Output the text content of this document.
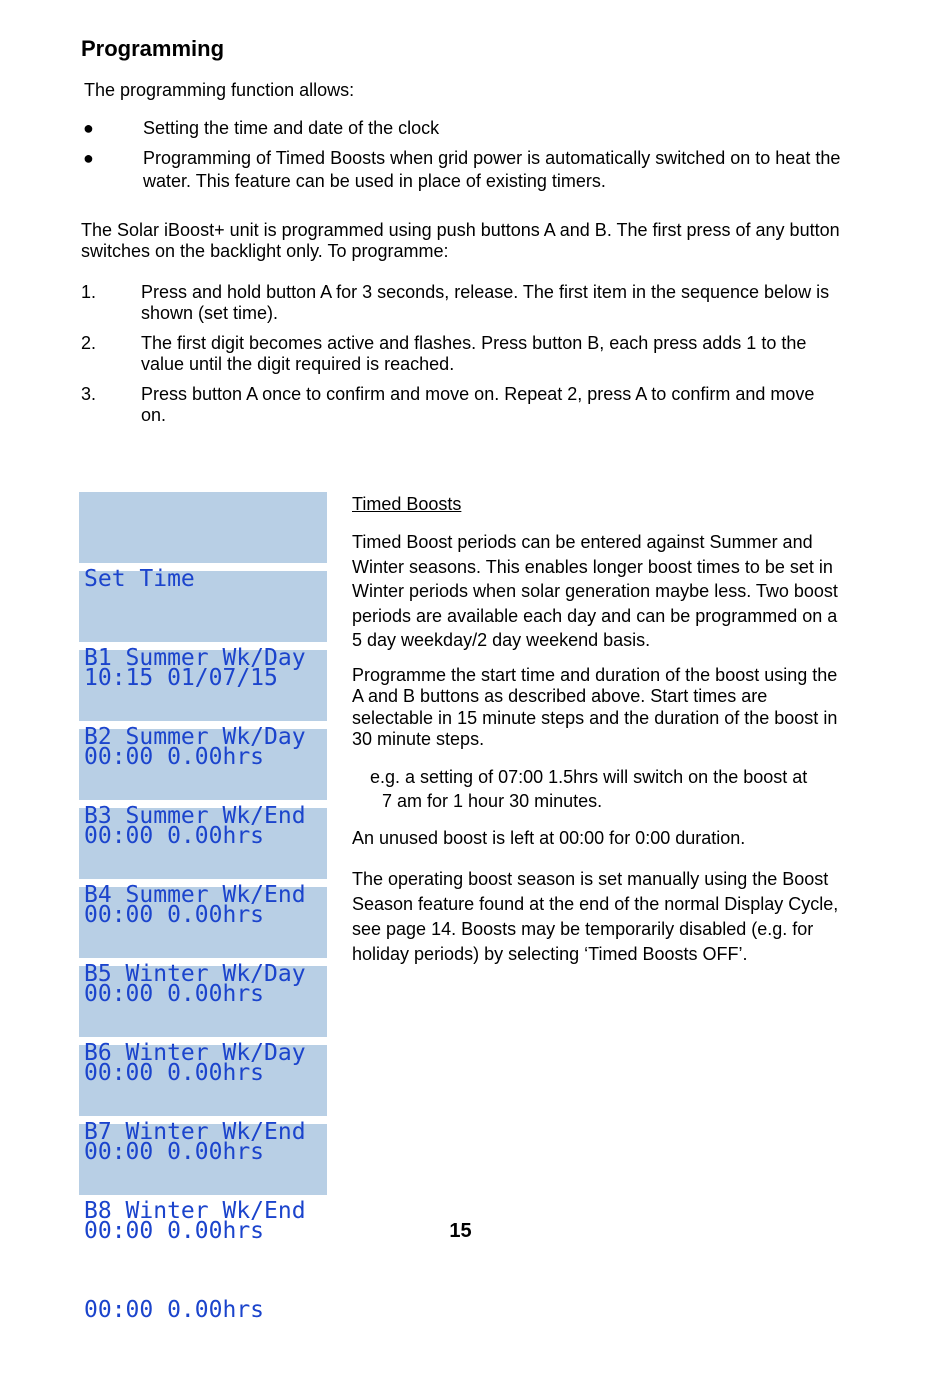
Programming
The programming function allows:
●	Setting the time and date of the clock
●	Programming of Timed Boosts when grid power is automatically switched on to heat the water. This feature can be used in place of existing timers.
The Solar iBoost+ unit is programmed using push buttons A and B. The first press of any button switches on the backlight only. To programme:
1.	Press and hold button A for 3 seconds, release. The first item in the sequence below is shown (set time).
2.	The first digit becomes active and flashes. Press button B, each press adds 1 to the value until the digit required is reached.
3.	Press button A once to confirm and move on. Repeat 2, press A to confirm and move on.

Set Time

10:15 01/07/15

B1 Summer Wk/Day

00:00 0.00hrs

B2 Summer Wk/Day

00:00 0.00hrs

B3 Summer Wk/End

00:00 0.00hrs

B4 Summer Wk/End

00:00 0.00hrs

B5 Winter Wk/Day

00:00 0.00hrs

B6 Winter Wk/Day

00:00 0.00hrs

B7 Winter Wk/End

00:00 0.00hrs

B8 Winter Wk/End

00:00 0.00hrs

Timed Boosts

Timed Boost periods can be entered against Summer and Winter seasons. This enables longer boost times to be set in Winter periods when solar generation maybe less. Two boost periods are available each day and can be programmed on a 5 day weekday/2 day weekend basis.

Programme the start time and duration of the boost using the A and B buttons as described above. Start times are selectable in 15 minute steps and the duration of the boost in 30 minute steps.

e.g. a setting of 07:00 1.5hrs will switch on the boost at
7 am for 1 hour 30 minutes.

An unused boost is left at 00:00 for 0:00 duration.

The operating boost season is set manually using the Boost Season feature found at the end of the normal Display Cycle, see page 14. Boosts may be temporarily disabled (e.g. for holiday periods) by selecting ‘Timed Boosts OFF’.

15
